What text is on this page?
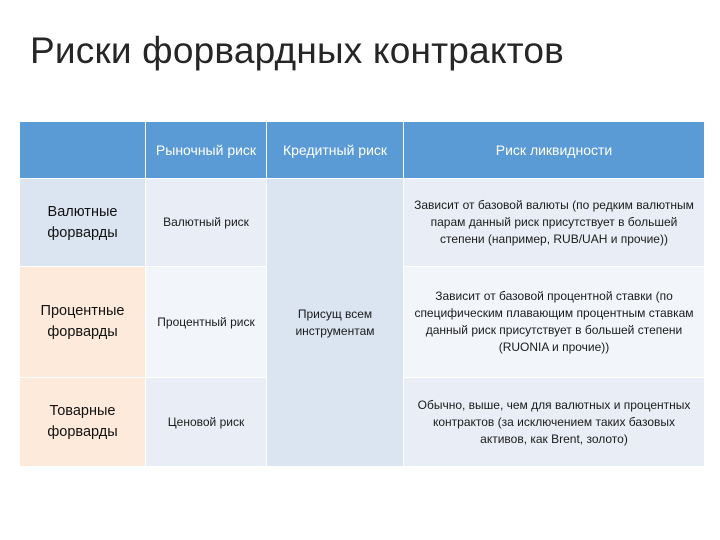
Риски форвардных контрактов
Рыночный риск	Кредитный риск	Риск ликвидности
Валютные форварды
Валютный риск
Зависит от базовой валюты (по редким валютным парам данный риск присутствует в большей степени (например, RUB/UAH и прочие))
Присущ всем инструментам
Процентные форварды
Процентный риск
Зависит от базовой процентной ставки (по специфическим плавающим процентным ставкам данный риск присутствует в большей степени (RUONIA и прочие))
Товарные форварды
Ценовой риск
Обычно, выше, чем для валютных и процентных контрактов (за исключением таких базовых активов, как Brent, золото)
